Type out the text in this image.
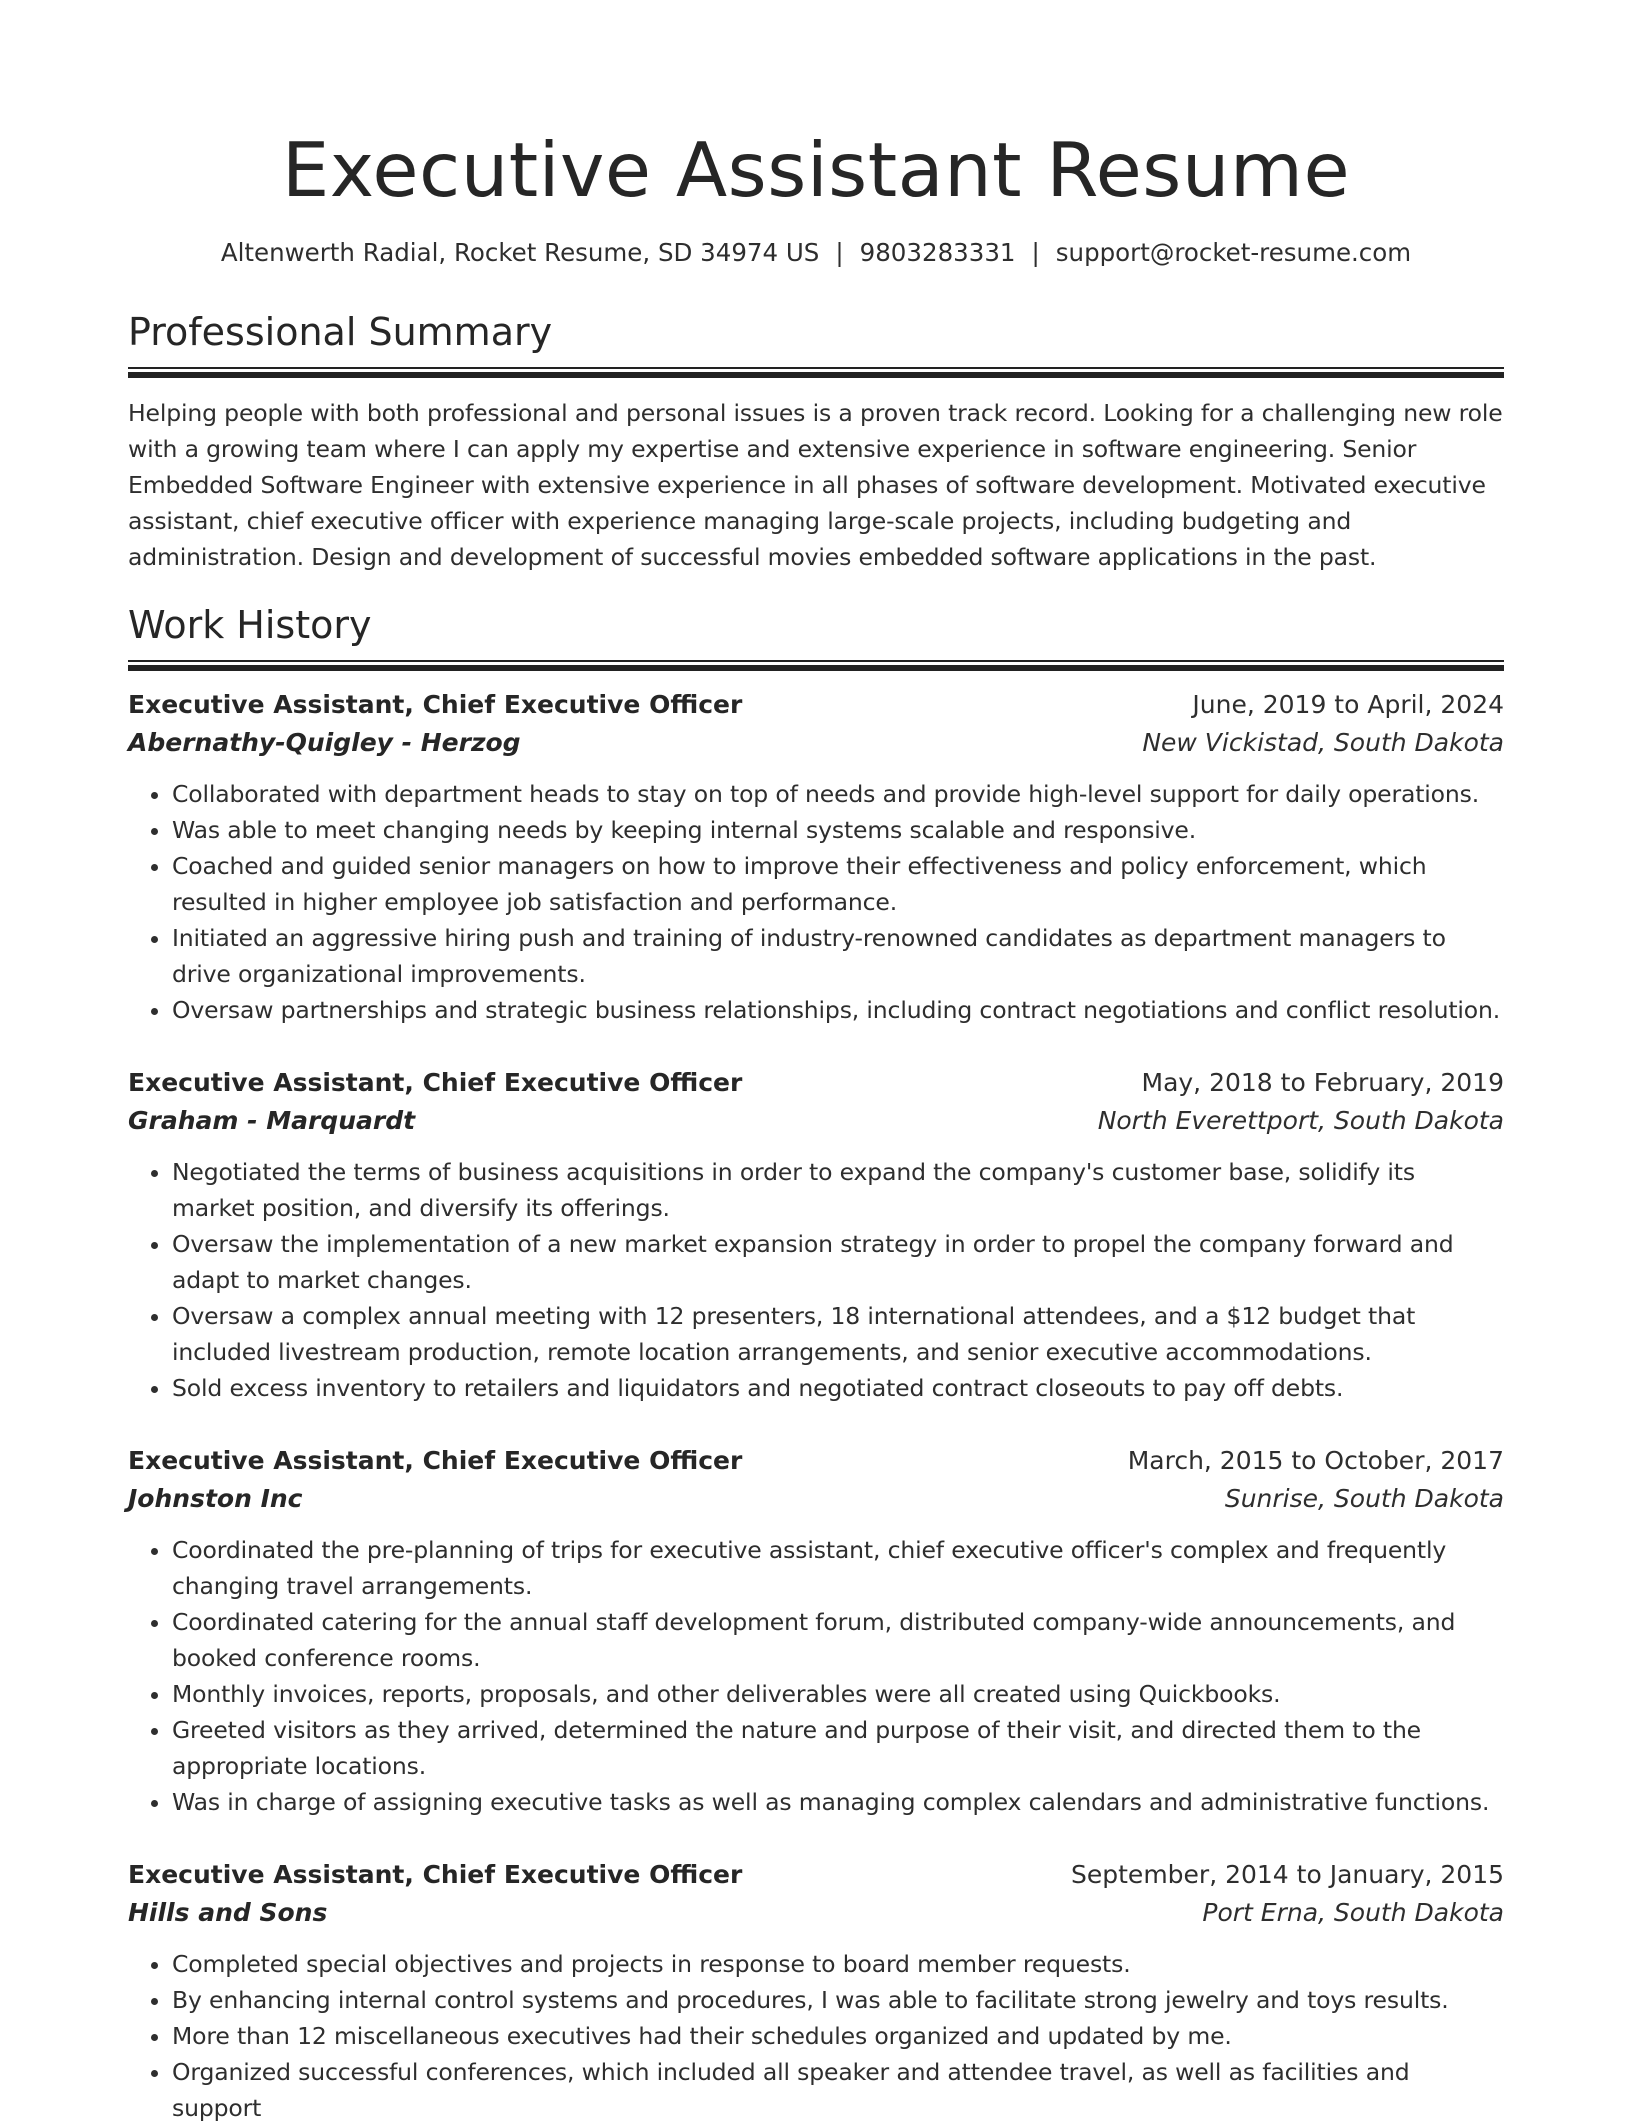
Executive Assistant Resume
Altenwerth Radial, Rocket Resume, SD 34974 US | 9803283331 | support@rocket-resume.com
Professional Summary

Helping people with both professional and personal issues is a proven track record. Looking for a challenging new role with a growing team where I can apply my expertise and extensive experience in software engineering. Senior Embedded Software Engineer with extensive experience in all phases of software development. Motivated executive assistant, chief executive officer with experience managing large-scale projects, including budgeting and administration. Design and development of successful movies embedded software applications in the past.

Work History
Executive Assistant, Chief Executive Officer	June, 2019 to April, 2024
Abernathy-Quigley - Herzog	New Vickistad, South Dakota
• Collaborated with department heads to stay on top of needs and provide high-level support for daily operations.
• Was able to meet changing needs by keeping internal systems scalable and responsive.
• Coached and guided senior managers on how to improve their effectiveness and policy enforcement, which resulted in higher employee job satisfaction and performance.
• Initiated an aggressive hiring push and training of industry-renowned candidates as department managers to drive organizational improvements.
• Oversaw partnerships and strategic business relationships, including contract negotiations and conflict resolution.
Executive Assistant, Chief Executive Officer	May, 2018 to February, 2019
Graham - Marquardt	North Everettport, South Dakota
• Negotiated the terms of business acquisitions in order to expand the company's customer base, solidify its market position, and diversify its offerings.
• Oversaw the implementation of a new market expansion strategy in order to propel the company forward and adapt to market changes.
• Oversaw a complex annual meeting with 12 presenters, 18 international attendees, and a $12 budget that included livestream production, remote location arrangements, and senior executive accommodations.
• Sold excess inventory to retailers and liquidators and negotiated contract closeouts to pay off debts.
Executive Assistant, Chief Executive Officer	March, 2015 to October, 2017
Johnston Inc	Sunrise, South Dakota
• Coordinated the pre-planning of trips for executive assistant, chief executive officer's complex and frequently changing travel arrangements.
• Coordinated catering for the annual staff development forum, distributed company-wide announcements, and booked conference rooms.
• Monthly invoices, reports, proposals, and other deliverables were all created using Quickbooks.
• Greeted visitors as they arrived, determined the nature and purpose of their visit, and directed them to the appropriate locations.
• Was in charge of assigning executive tasks as well as managing complex calendars and administrative functions.
Executive Assistant, Chief Executive Officer	September, 2014 to January, 2015
Hills and Sons	Port Erna, South Dakota
• Completed special objectives and projects in response to board member requests.
• By enhancing internal control systems and procedures, I was able to facilitate strong jewelry and toys results.
• More than 12 miscellaneous executives had their schedules organized and updated by me.
• Organized successful conferences, which included all speaker and attendee travel, as well as facilities and support
